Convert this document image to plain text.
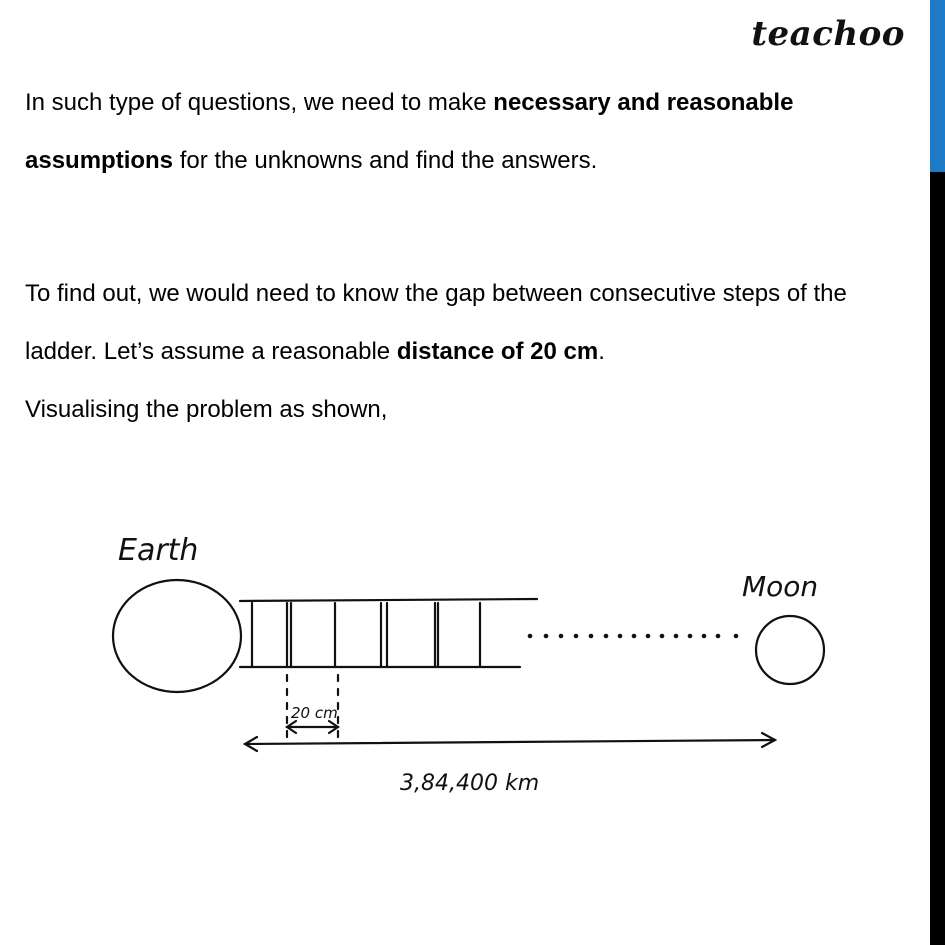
teachoo

In such type of questions, we need to make necessary and reasonable assumptions for the unknowns and find the answers.

To find out, we would need to know the gap between consecutive steps of the ladder. Let’s assume a reasonable distance of 20 cm.
Visualising the problem as shown,

Earth
Moon
20 cm
3,84,400 km
